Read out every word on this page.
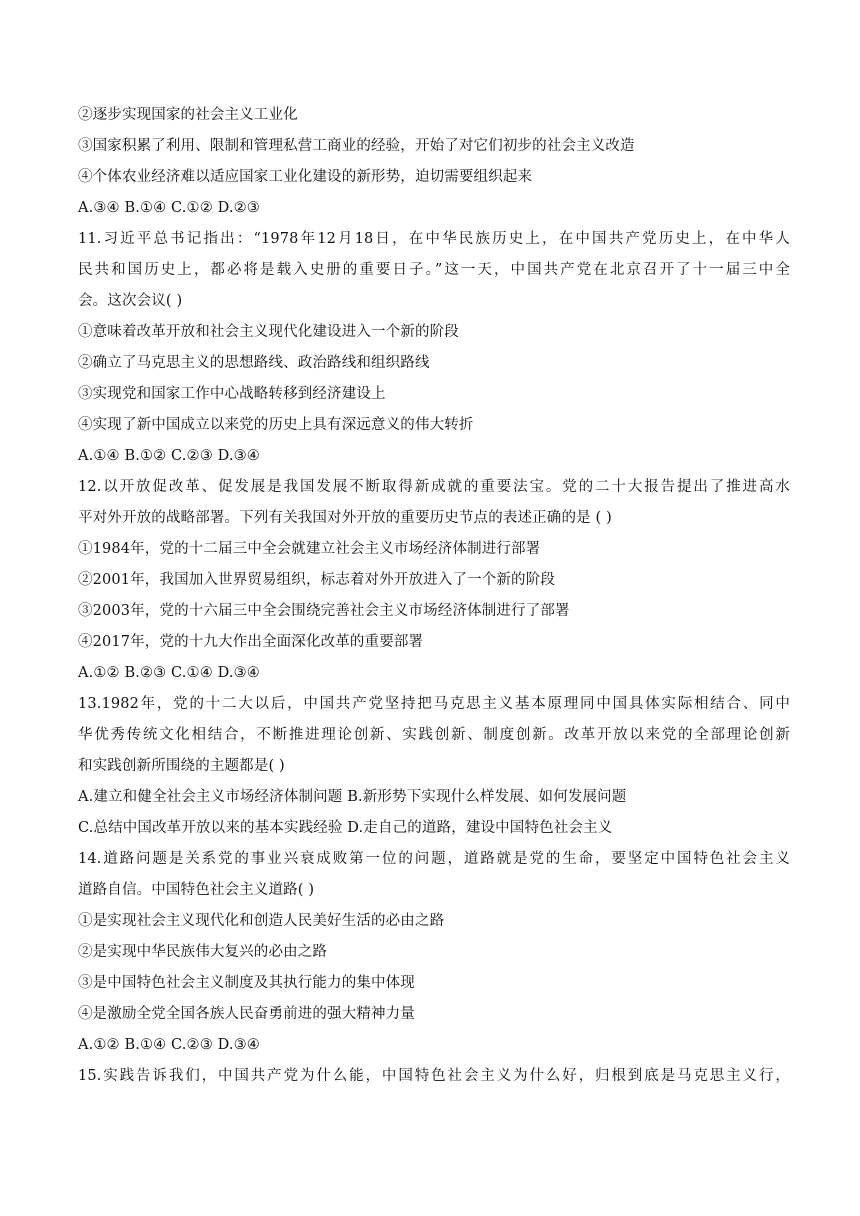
②逐步实现国家的社会主义工业化
③国家积累了利用、限制和管理私营工商业的经验，开始了对它们初步的社会主义改造
④个体农业经济难以适应国家工业化建设的新形势，迫切需要组织起来
A.③④ B.①④ C.①② D.②③
11.习近平总书记指出：“1978年12月18日，在中华民族历史上，在中国共产党历史上，在中华人
民共和国历史上，都必将是载入史册的重要日子。”这一天，中国共产党在北京召开了十一届三中全
会。这次会议( )
①意味着改革开放和社会主义现代化建设进入一个新的阶段
②确立了马克思主义的思想路线、政治路线和组织路线
③实现党和国家工作中心战略转移到经济建设上
④实现了新中国成立以来党的历史上具有深远意义的伟大转折
A.①④ B.①② C.②③ D.③④
12.以开放促改革、促发展是我国发展不断取得新成就的重要法宝。党的二十大报告提出了推进高水
平对外开放的战略部署。下列有关我国对外开放的重要历史节点的表述正确的是 ( )
①1984年，党的十二届三中全会就建立社会主义市场经济体制进行部署
②2001年，我国加入世界贸易组织，标志着对外开放进入了一个新的阶段
③2003年，党的十六届三中全会围绕完善社会主义市场经济体制进行了部署
④2017年，党的十九大作出全面深化改革的重要部署
A.①② B.②③ C.①④ D.③④
13.1982年，党的十二大以后，中国共产党坚持把马克思主义基本原理同中国具体实际相结合、同中
华优秀传统文化相结合，不断推进理论创新、实践创新、制度创新。改革开放以来党的全部理论创新
和实践创新所围绕的主题都是( )
A.建立和健全社会主义市场经济体制问题 B.新形势下实现什么样发展、如何发展问题
C.总结中国改革开放以来的基本实践经验 D.走自己的道路，建设中国特色社会主义
14.道路问题是关系党的事业兴衰成败第一位的问题，道路就是党的生命，要坚定中国特色社会主义
道路自信。中国特色社会主义道路( )
①是实现社会主义现代化和创造人民美好生活的必由之路
②是实现中华民族伟大复兴的必由之路
③是中国特色社会主义制度及其执行能力的集中体现
④是激励全党全国各族人民奋勇前进的强大精神力量
A.①② B.①④ C.②③ D.③④
15.实践告诉我们，中国共产党为什么能，中国特色社会主义为什么好，归根到底是马克思主义行，
